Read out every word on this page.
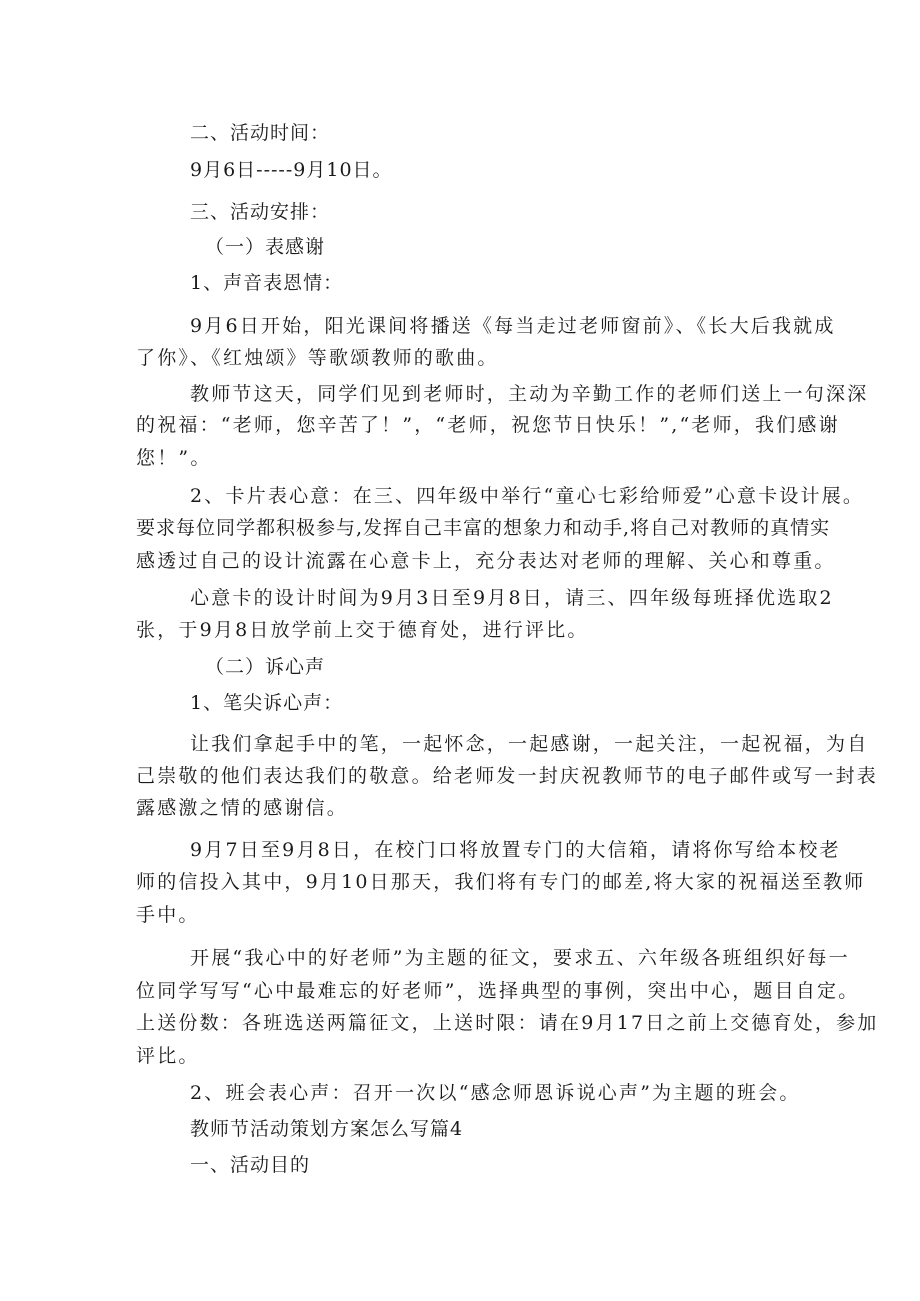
二、活动时间：
9月6日-----9月10日。
三、活动安排：
（一）表感谢
1、声音表恩情：
9月6日开始，阳光课间将播送《每当走过老师窗前》、《长大后我就成
了你》、《红烛颂》等歌颂教师的歌曲。
教师节这天，同学们见到老师时，主动为辛勤工作的老师们送上一句深深
的祝福：“老师，您辛苦了！”，“老师，祝您节日快乐！”,“老师，我们感谢
您！”。
2、卡片表心意：在三、四年级中举行“童心七彩给师爱”心意卡设计展。
要求每位同学都积极参与,发挥自己丰富的想象力和动手,将自己对教师的真情实
感透过自己的设计流露在心意卡上，充分表达对老师的理解、关心和尊重。
心意卡的设计时间为9月3日至9月8日，请三、四年级每班择优选取2
张，于9月8日放学前上交于德育处，进行评比。
（二）诉心声
1、笔尖诉心声：
让我们拿起手中的笔，一起怀念，一起感谢，一起关注，一起祝福，为自
己崇敬的他们表达我们的敬意。给老师发一封庆祝教师节的电子邮件或写一封表
露感激之情的感谢信。
9月7日至9月8日，在校门口将放置专门的大信箱，请将你写给本校老
师的信投入其中，9月10日那天，我们将有专门的邮差,将大家的祝福送至教师
手中。
开展“我心中的好老师”为主题的征文，要求五、六年级各班组织好每一
位同学写写“心中最难忘的好老师”，选择典型的事例，突出中心，题目自定。
上送份数：各班选送两篇征文，上送时限：请在9月17日之前上交德育处，参加
评比。
2、班会表心声：召开一次以“感念师恩诉说心声”为主题的班会。
教师节活动策划方案怎么写篇4
一、活动目的
